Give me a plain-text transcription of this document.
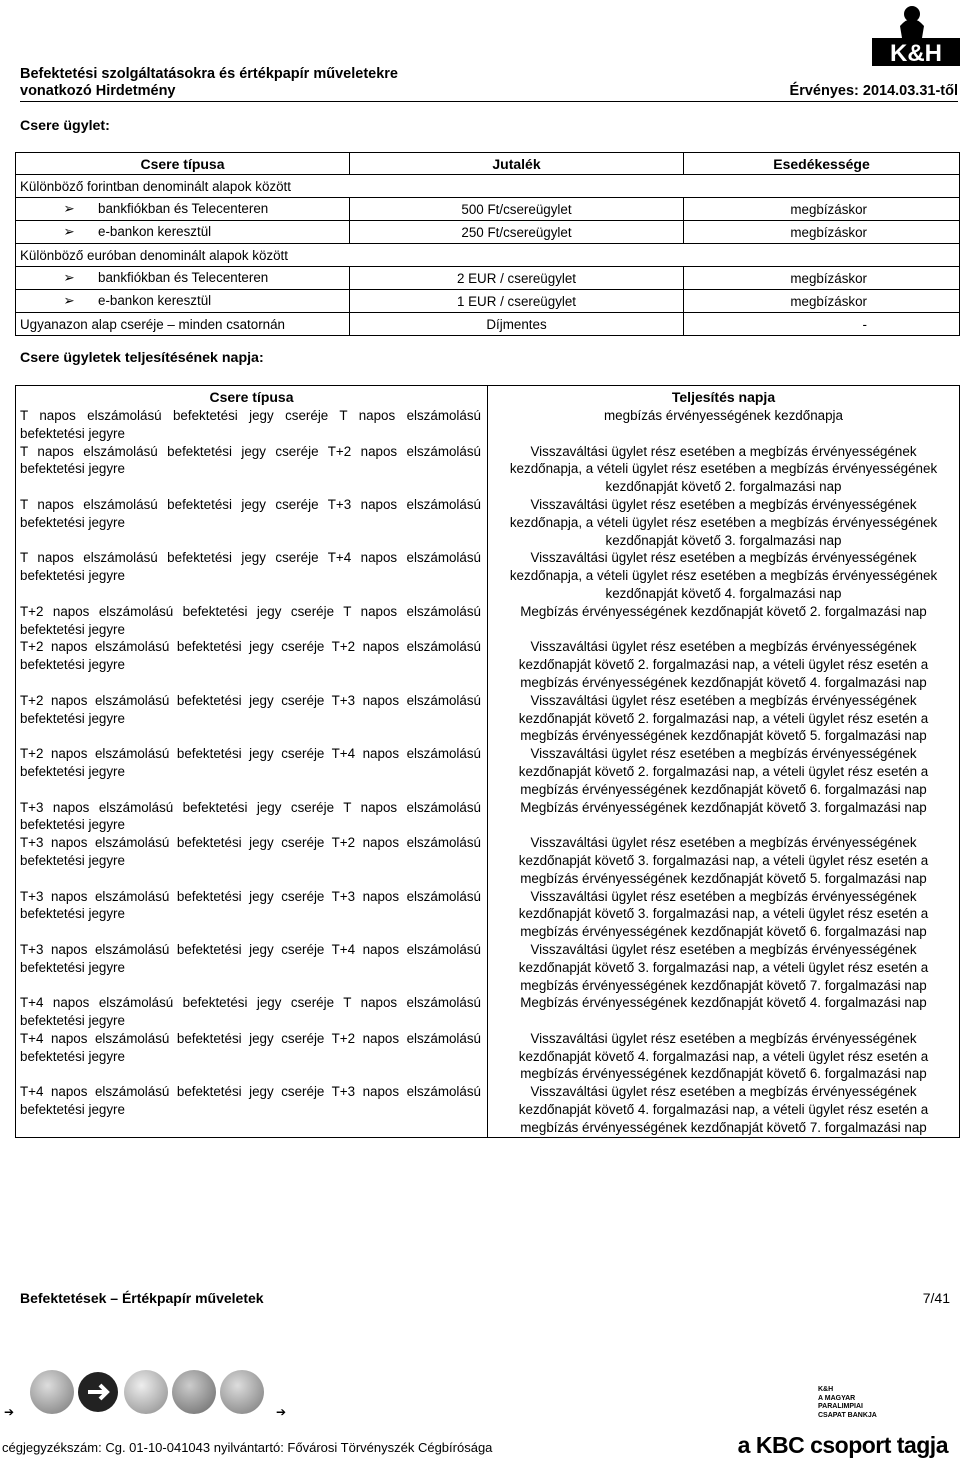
K&H
Befektetési szolgáltatásokra és értékpapír műveletekre
vonatkozó Hirdetmény	Érvényes: 2014.03.31-től
Csere ügylet:
Csere típusa	Jutalék	Esedékessége
Különböző forintban denominált alapok között		
➢ bankfiókban és Telecenteren	500 Ft/csereügylet	megbízáskor
➢ e-bankon keresztül	250 Ft/csereügylet	megbízáskor
Különböző euróban denominált alapok között		
➢ bankfiókban és Telecenteren	2 EUR / csereügylet	megbízáskor
➢ e-bankon keresztül	1 EUR / csereügylet	megbízáskor
Ugyanazon alap cseréje – minden csatornán	Díjmentes	-
Csere ügyletek teljesítésének napja:
Csere típusa	Teljesítés napja
T napos elszámolású befektetési jegy cseréje T napos elszámolású befektetési jegyre	megbízás érvényességének kezdőnapja
T napos elszámolású befektetési jegy cseréje T+2 napos elszámolású befektetési jegyre	Visszaváltási ügylet rész esetében a megbízás érvényességének kezdőnapja, a vételi ügylet rész esetében a megbízás érvényességének kezdőnapját követő 2. forgalmazási nap
T napos elszámolású befektetési jegy cseréje T+3 napos elszámolású befektetési jegyre	Visszaváltási ügylet rész esetében a megbízás érvényességének kezdőnapja, a vételi ügylet rész esetében a megbízás érvényességének kezdőnapját követő 3. forgalmazási nap
T napos elszámolású befektetési jegy cseréje T+4 napos elszámolású befektetési jegyre	Visszaváltási ügylet rész esetében a megbízás érvényességének kezdőnapja, a vételi ügylet rész esetében a megbízás érvényességének kezdőnapját követő 4. forgalmazási nap
T+2 napos elszámolású befektetési jegy cseréje T napos elszámolású befektetési jegyre	Megbízás érvényességének kezdőnapját követő 2. forgalmazási nap
T+2 napos elszámolású befektetési jegy cseréje T+2 napos elszámolású befektetési jegyre	Visszaváltási ügylet rész esetében a megbízás érvényességének kezdőnapját követő 2. forgalmazási nap, a vételi ügylet rész esetén a megbízás érvényességének kezdőnapját követő 4. forgalmazási nap
T+2 napos elszámolású befektetési jegy cseréje T+3 napos elszámolású befektetési jegyre	Visszaváltási ügylet rész esetében a megbízás érvényességének kezdőnapját követő 2. forgalmazási nap, a vételi ügylet rész esetén a megbízás érvényességének kezdőnapját követő 5. forgalmazási nap
T+2 napos elszámolású befektetési jegy cseréje T+4 napos elszámolású befektetési jegyre	Visszaváltási ügylet rész esetében a megbízás érvényességének kezdőnapját követő 2. forgalmazási nap, a vételi ügylet rész esetén a megbízás érvényességének kezdőnapját követő 6. forgalmazási nap
T+3 napos elszámolású befektetési jegy cseréje T napos elszámolású befektetési jegyre	Megbízás érvényességének kezdőnapját követő 3. forgalmazási nap
T+3 napos elszámolású befektetési jegy cseréje T+2 napos elszámolású befektetési jegyre	Visszaváltási ügylet rész esetében a megbízás érvényességének kezdőnapját követő 3. forgalmazási nap, a vételi ügylet rész esetén a megbízás érvényességének kezdőnapját követő 5. forgalmazási nap
T+3 napos elszámolású befektetési jegy cseréje T+3 napos elszámolású befektetési jegyre	Visszaváltási ügylet rész esetében a megbízás érvényességének kezdőnapját követő 3. forgalmazási nap, a vételi ügylet rész esetén a megbízás érvényességének kezdőnapját követő 6. forgalmazási nap
T+3 napos elszámolású befektetési jegy cseréje T+4 napos elszámolású befektetési jegyre	Visszaváltási ügylet rész esetében a megbízás érvényességének kezdőnapját követő 3. forgalmazási nap, a vételi ügylet rész esetén a megbízás érvényességének kezdőnapját követő 7. forgalmazási nap
T+4 napos elszámolású befektetési jegy cseréje T napos elszámolású befektetési jegyre	Megbízás érvényességének kezdőnapját követő 4. forgalmazási nap
T+4 napos elszámolású befektetési jegy cseréje T+2 napos elszámolású befektetési jegyre	Visszaváltási ügylet rész esetében a megbízás érvényességének kezdőnapját követő 4. forgalmazási nap, a vételi ügylet rész esetén a megbízás érvényességének kezdőnapját követő 6. forgalmazási nap
T+4 napos elszámolású befektetési jegy cseréje T+3 napos elszámolású befektetési jegyre	Visszaváltási ügylet rész esetében a megbízás érvényességének kezdőnapját követő 4. forgalmazási nap, a vételi ügylet rész esetén a megbízás érvényességének kezdőnapját követő 7. forgalmazási nap
Befektetések – Értékpapír műveletek	7/41
➔	➔
K&H
A MAGYAR
PARALIMPIAI
CSAPAT BANKJA
cégjegyzékszám: Cg. 01-10-041043 nyilvántartó: Fővárosi Törvényszék Cégbírósága	a KBC csoport tagja
